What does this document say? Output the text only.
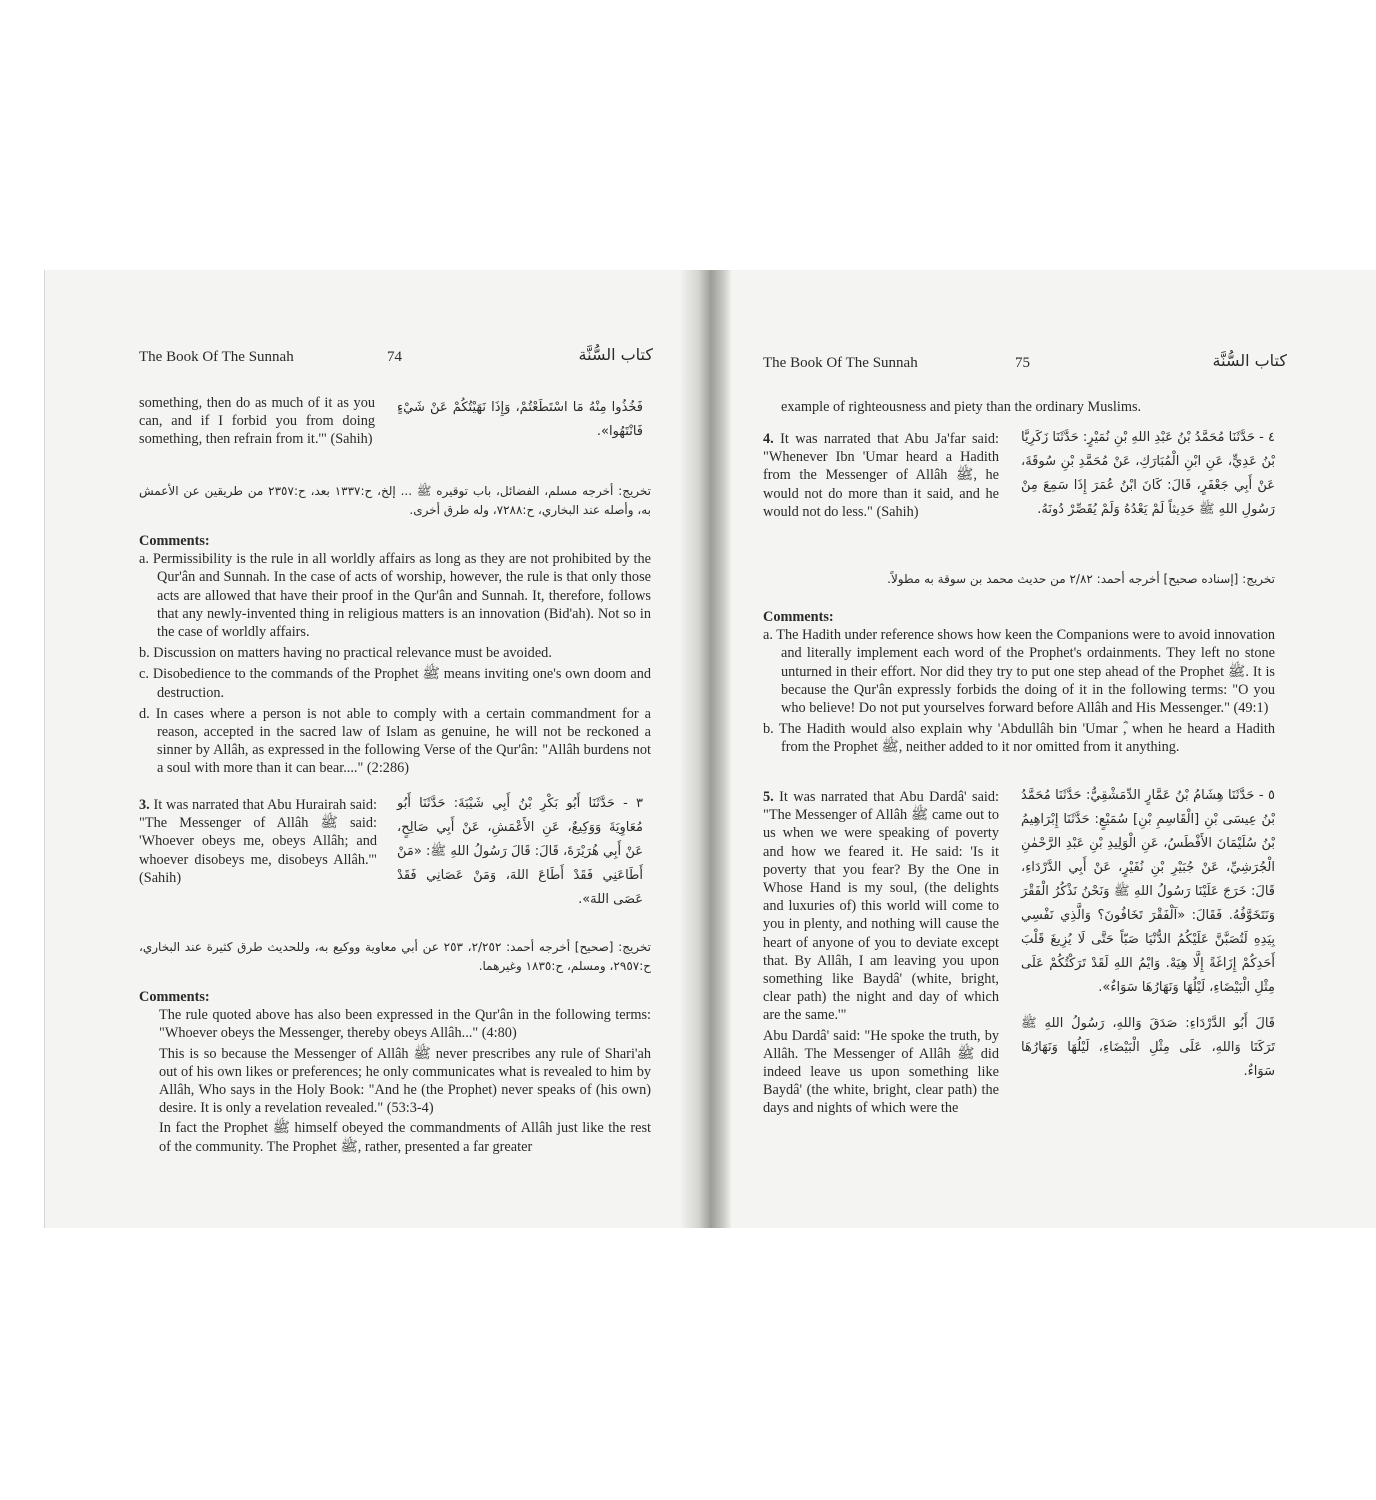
The Book Of The Sunnah	74	كتاب السُّنَّة

something, then do as much of it as you can, and if I forbid you from doing something, then refrain from it.'" (Sahih)

فَخُذُوا مِنْهُ مَا اسْتَطَعْتُمْ، وَإِذَا نَهَيْتُكُمْ عَنْ شَيْءٍ فَانْتَهُوا».

تخريج: أخرجه مسلم، الفضائل، باب توقيره ﷺ ... إلخ، ح:١٣٣٧ بعد، ح:٢٣٥٧ من طريقين عن الأعمش به، وأصله عند البخاري، ح:٧٢٨٨، وله طرق أخرى.

Comments:

a. Permissibility is the rule in all worldly affairs as long as they are not prohibited by the Qur'ân and Sunnah. In the case of acts of worship, however, the rule is that only those acts are allowed that have their proof in the Qur'ân and Sunnah. It, therefore, follows that any newly-invented thing in religious matters is an innovation (Bid'ah). Not so in the case of worldly affairs.

b. Discussion on matters having no practical relevance must be avoided.

c. Disobedience to the commands of the Prophet ﷺ means inviting one's own doom and destruction.

d. In cases where a person is not able to comply with a certain commandment for a reason, accepted in the sacred law of Islam as genuine, he will not be reckoned a sinner by Allâh, as expressed in the following Verse of the Qur'ân: "Allâh burdens not a soul with more than it can bear...." (2:286)

3. It was narrated that Abu Hurairah said: "The Messenger of Allâh ﷺ said: 'Whoever obeys me, obeys Allâh; and whoever disobeys me, disobeys Allâh.'" (Sahih)

٣ - حَدَّثَنَا أَبُو بَكْرِ بْنُ أَبِي شَيْبَةَ: حَدَّثَنَا أَبُو مُعَاوِيَةَ وَوَكِيعٌ، عَنِ الأَعْمَشِ، عَنْ أَبِي صَالِحٍ، عَنْ أَبِي هُرَيْرَةَ، قَالَ: قَالَ رَسُولُ اللهِ ﷺ: «مَنْ أَطَاعَنِي فَقَدْ أَطَاعَ اللهَ، وَمَنْ عَصَانِي فَقَدْ عَصَى اللهَ».

تخريج: [صحيح] أخرجه أحمد: ٢/٢٥٢، ٢٥٣ عن أبي معاوية ووكيع به، وللحديث طرق كثيرة عند البخاري، ح:٢٩٥٧، ومسلم، ح:١٨٣٥ وغيرهما.

Comments:

The rule quoted above has also been expressed in the Qur'ân in the following terms: "Whoever obeys the Messenger, thereby obeys Allâh..." (4:80)

This is so because the Messenger of Allâh ﷺ never prescribes any rule of Shari'ah out of his own likes or preferences; he only communicates what is revealed to him by Allâh, Who says in the Holy Book: "And he (the Prophet) never speaks of (his own) desire. It is only a revelation revealed." (53:3-4)

In fact the Prophet ﷺ himself obeyed the commandments of Allâh just like the rest of the community. The Prophet ﷺ, rather, presented a far greater

The Book Of The Sunnah	75	كتاب السُّنَّة

example of righteousness and piety than the ordinary Muslims.

4. It was narrated that Abu Ja'far said: "Whenever Ibn 'Umar heard a Hadith from the Messenger of Allâh ﷺ, he would not do more than it said, and he would not do less." (Sahih)

٤ - حَدَّثَنَا مُحَمَّدُ بْنُ عَبْدِ اللهِ بْنِ نُمَيْرٍ: حَدَّثَنَا زَكَرِيَّا بْنُ عَدِيٍّ، عَنِ ابْنِ الْمُبَارَكِ، عَنْ مُحَمَّدِ بْنِ سُوقَةَ، عَنْ أَبِي جَعْفَرٍ، قَالَ: كَانَ ابْنُ عُمَرَ إِذَا سَمِعَ مِنْ رَسُولِ اللهِ ﷺ حَدِيثاً لَمْ يَعْدُهُ وَلَمْ يُقَصِّرْ دُونَهُ.

تخريج: [إسناده صحيح] أخرجه أحمد: ٢/٨٢ من حديث محمد بن سوقة به مطولاً.

Comments:

a. The Hadith under reference shows how keen the Companions were to avoid innovation and literally implement each word of the Prophet's ordainments. They left no stone unturned in their effort. Nor did they try to put one step ahead of the Prophet ﷺ. It is because the Qur'ân expressly forbids the doing of it in the following terms: "O you who believe! Do not put yourselves forward before Allâh and His Messenger." (49:1)

b. The Hadith would also explain why 'Abdullâh bin 'Umar ؓ, when he heard a Hadith from the Prophet ﷺ, neither added to it nor omitted from it anything.

5. It was narrated that Abu Dardâ' said: "The Messenger of Allâh ﷺ came out to us when we were speaking of poverty and how we feared it. He said: 'Is it poverty that you fear? By the One in Whose Hand is my soul, (the delights and luxuries of) this world will come to you in plenty, and nothing will cause the heart of anyone of you to deviate except that. By Allâh, I am leaving you upon something like Baydâ' (white, bright, clear path) the night and day of which are the same.'"

Abu Dardâ' said: "He spoke the truth, by Allâh. The Messenger of Allâh ﷺ did indeed leave us upon something like Baydâ' (the white, bright, clear path) the days and nights of which were the

٥ - حَدَّثَنَا هِشَامُ بْنُ عَمَّارٍ الدِّمَشْقِيُّ: حَدَّثَنَا مُحَمَّدُ بْنُ عِيسَى بْنِ [الْقَاسِمِ بْنِ] سُمَيْعٍ: حَدَّثَنَا إِبْرَاهِيمُ بْنُ سُلَيْمَانَ الأَفْطَسُ، عَنِ الْوَلِيدِ بْنِ عَبْدِ الرَّحْمٰنِ الْجُرَشِيِّ، عَنْ جُبَيْرِ بْنِ نُفَيْرٍ، عَنْ أَبِي الدَّرْدَاءِ، قَالَ: خَرَجَ عَلَيْنَا رَسُولُ اللهِ ﷺ وَنَحْنُ نَذْكُرُ الْفَقْرَ وَنَتَخَوَّفُهُ. فَقَالَ: «آلْفَقْرَ تَخَافُونَ؟ وَالَّذِي نَفْسِي بِيَدِهِ لَتُصَبَّنَّ عَلَيْكُمُ الدُّنْيَا صَبّاً حَتَّى لَا يُزِيغَ قَلْبَ أَحَدِكُمْ إِزَاغَةً إِلَّا هِيَهْ. وَايْمُ اللهِ لَقَدْ تَرَكْتُكُمْ عَلَى مِثْلِ الْبَيْضَاءِ، لَيْلُهَا وَنَهَارُهَا سَوَاءٌ».

قَالَ أَبُو الدَّرْدَاءِ: صَدَقَ وَاللهِ، رَسُولُ اللهِ ﷺ تَرَكَنَا وَاللهِ، عَلَى مِثْلِ الْبَيْضَاءِ، لَيْلُهَا وَنَهَارُهَا سَوَاءٌ.
